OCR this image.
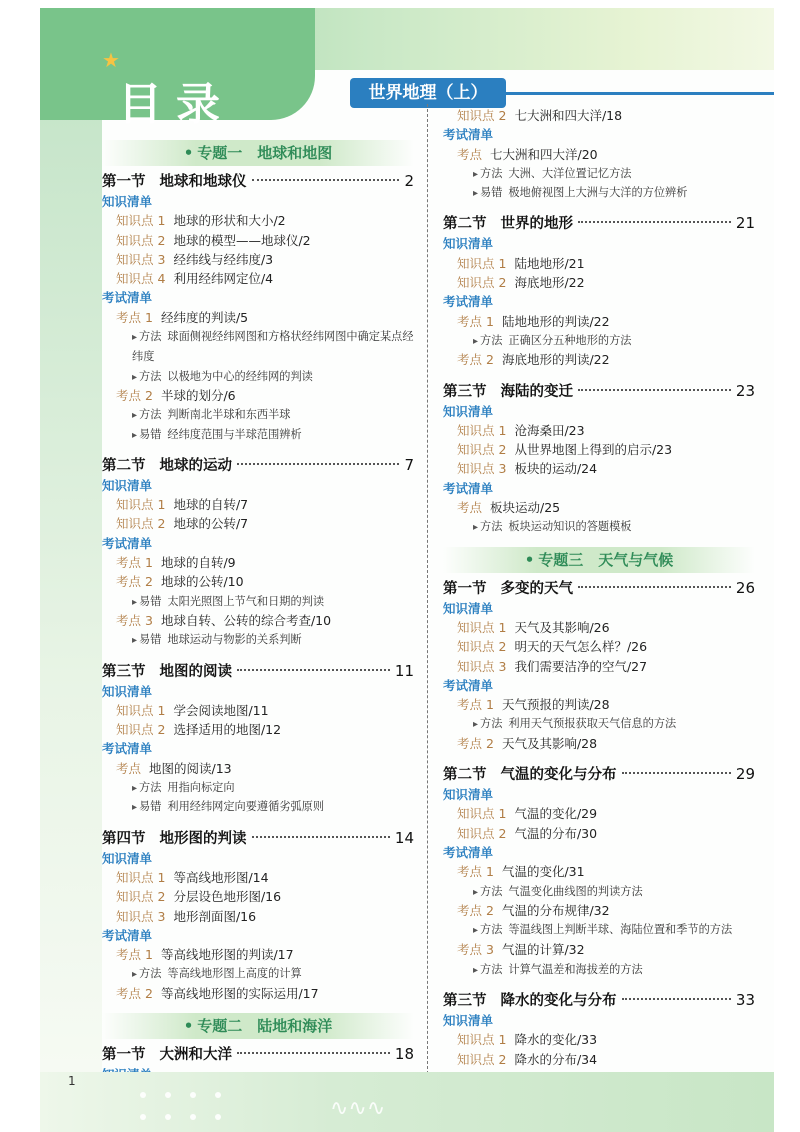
★
目录	世界地理（上）
• 专题一　地球和地图
第一节 地球和地球仪	2
知识清单
知识点 1 地球的形状和大小/2
知识点 2 地球的模型——地球仪/2
知识点 3 经纬线与经纬度/3
知识点 4 利用经纬网定位/4
考试清单
考点 1 经纬度的判读/5
▸ 方法 球面侧视经纬网图和方格状经纬网图中确定某点经纬度
▸ 方法 以极地为中心的经纬网的判读
考点 2 半球的划分/6
▸ 方法 判断南北半球和东西半球
▸ 易错 经纬度范围与半球范围辨析
第二节 地球的运动	7
知识清单
知识点 1 地球的自转/7
知识点 2 地球的公转/7
考试清单
考点 1 地球的自转/9
考点 2 地球的公转/10
▸ 易错 太阳光照图上节气和日期的判读
考点 3 地球自转、公转的综合考查/10
▸ 易错 地球运动与物影的关系判断
第三节 地图的阅读	11
知识清单
知识点 1 学会阅读地图/11
知识点 2 选择适用的地图/12
考试清单
考点 地图的阅读/13
▸ 方法 用指向标定向
▸ 易错 利用经纬网定向要遵循劣弧原则
第四节 地形图的判读	14
知识清单
知识点 1 等高线地形图/14
知识点 2 分层设色地形图/16
知识点 3 地形剖面图/16
考试清单
考点 1 等高线地形图的判读/17
▸ 方法 等高线地形图上高度的计算
考点 2 等高线地形图的实际运用/17
• 专题二　陆地和海洋
第一节 大洲和大洋	18
知识点 2 七大洲和四大洋/18
考试清单
考点 七大洲和四大洋/20
▸ 方法 大洲、大洋位置记忆方法
▸ 易错 极地俯视图上大洲与大洋的方位辨析
第二节 世界的地形	21
知识清单
知识点 1 陆地地形/21
知识点 2 海底地形/22
考试清单
考点 1 陆地地形的判读/22
▸ 方法 正确区分五种地形的方法
考点 2 海底地形的判读/22
第三节 海陆的变迁	23
知识清单
知识点 1 沧海桑田/23
知识点 2 从世界地图上得到的启示/23
知识点 3 板块的运动/24
考试清单
考点 板块运动/25
▸ 方法 板块运动知识的答题模板
• 专题三　天气与气候
第一节 多变的天气	26
知识清单
知识点 1 天气及其影响/26
知识点 2 明天的天气怎么样？/26
知识点 3 我们需要洁净的空气/27
考试清单
考点 1 天气预报的判读/28
▸ 方法 利用天气预报获取天气信息的方法
考点 2 天气及其影响/28
第二节 气温的变化与分布	29
知识清单
知识点 1 气温的变化/29
知识点 2 气温的分布/30
考试清单
考点 1 气温的变化/31
▸ 方法 气温变化曲线图的判读方法
考点 2 气温的分布规律/32
▸ 方法 等温线图上判断半球、海陆位置和季节的方法
考点 3 气温的计算/32
▸ 方法 计算气温差和海拔差的方法
第三节 降水的变化与分布	33
知识清单
知识点 1 降水的变化/33
知识点 2 降水的分布/34
∿∿∿
1
